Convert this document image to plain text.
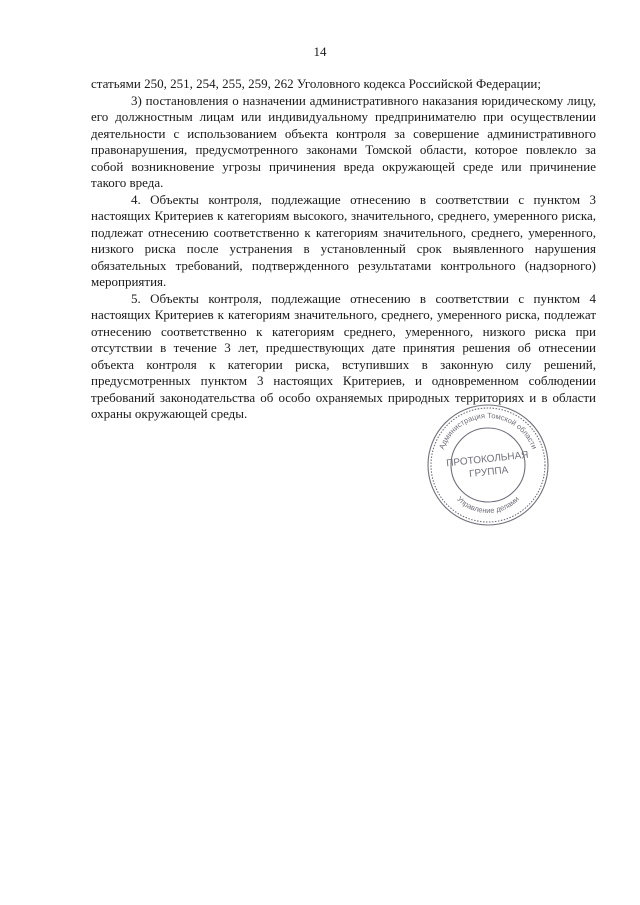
14

статьями 250, 251, 254, 255, 259, 262 Уголовного кодекса Российской Федерации;

3) постановления о назначении административного наказания юридическому лицу, его должностным лицам или индивидуальному предпринимателю при осуществлении деятельности с использованием объекта контроля за совершение административного правонарушения, предусмотренного законами Томской области, которое повлекло за собой возникновение угрозы причинения вреда окружающей среде или причинение такого вреда.

4. Объекты контроля, подлежащие отнесению в соответствии с пунктом 3 настоящих Критериев к категориям высокого, значительного, среднего, умеренного риска, подлежат отнесению соответственно к категориям значительного, среднего, умеренного, низкого риска после устранения в установленный срок выявленного нарушения обязательных требований, подтвержденного результатами контрольного (надзорного) мероприятия.

5. Объекты контроля, подлежащие отнесению в соответствии с пунктом 4 настоящих Критериев к категориям значительного, среднего, умеренного риска, подлежат отнесению соответственно к категориям среднего, умеренного, низкого риска при отсутствии в течение 3 лет, предшествующих дате принятия решения об отнесении объекта контроля к категории риска, вступивших в законную силу решений, предусмотренных пунктом 3 настоящих Критериев, и одновременном соблюдении требований законодательства об особо охраняемых природных территориях и в области охраны окружающей среды.

Администрация Томской области
Управление делами
ПРОТОКОЛЬНАЯ
ГРУППА
